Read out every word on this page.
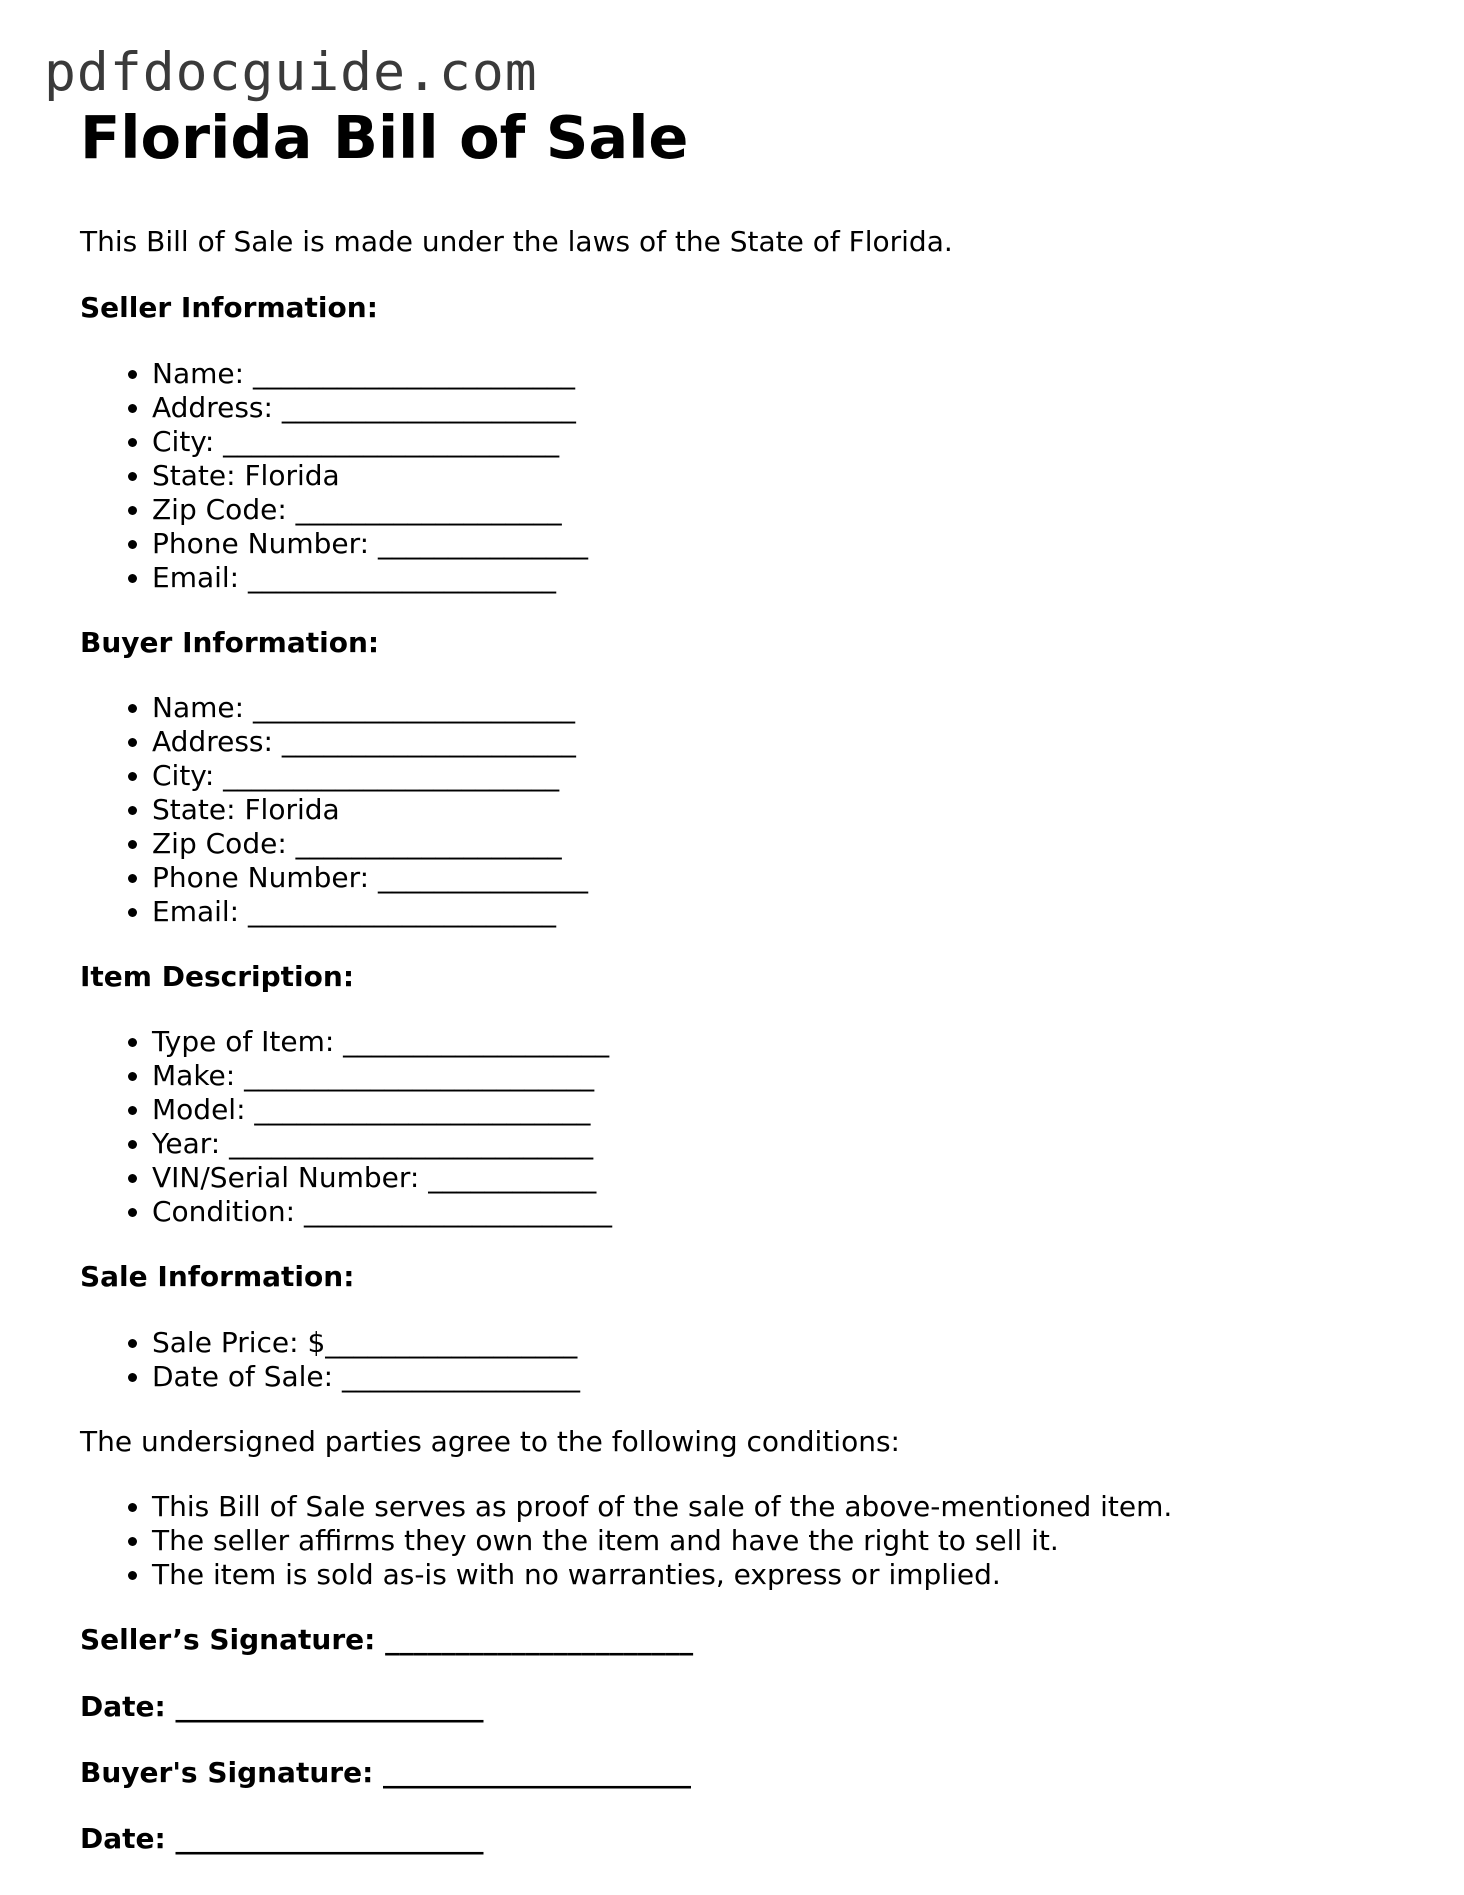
pdfdocguide.com
Florida Bill of Sale

This Bill of Sale is made under the laws of the State of Florida.

Seller Information:
• Name: _______________________
• Address: _____________________
• City: ________________________
• State: Florida
• Zip Code: ___________________
• Phone Number: _______________
• Email: ______________________
Buyer Information:
• Name: _______________________
• Address: _____________________
• City: ________________________
• State: Florida
• Zip Code: ___________________
• Phone Number: _______________
• Email: ______________________
Item Description:
• Type of Item: ___________________
• Make: _________________________
• Model: ________________________
• Year: __________________________
• VIN/Serial Number: ____________
• Condition: ______________________
Sale Information:
• Sale Price: $__________________
• Date of Sale: _________________

The undersigned parties agree to the following conditions:

• This Bill of Sale serves as proof of the sale of the above-mentioned item.
• The seller affirms they own the item and have the right to sell it.
• The item is sold as-is with no warranties, express or implied.

Seller’s Signature: ______________________

Date: ______________________

Buyer's Signature: ______________________

Date: ______________________
